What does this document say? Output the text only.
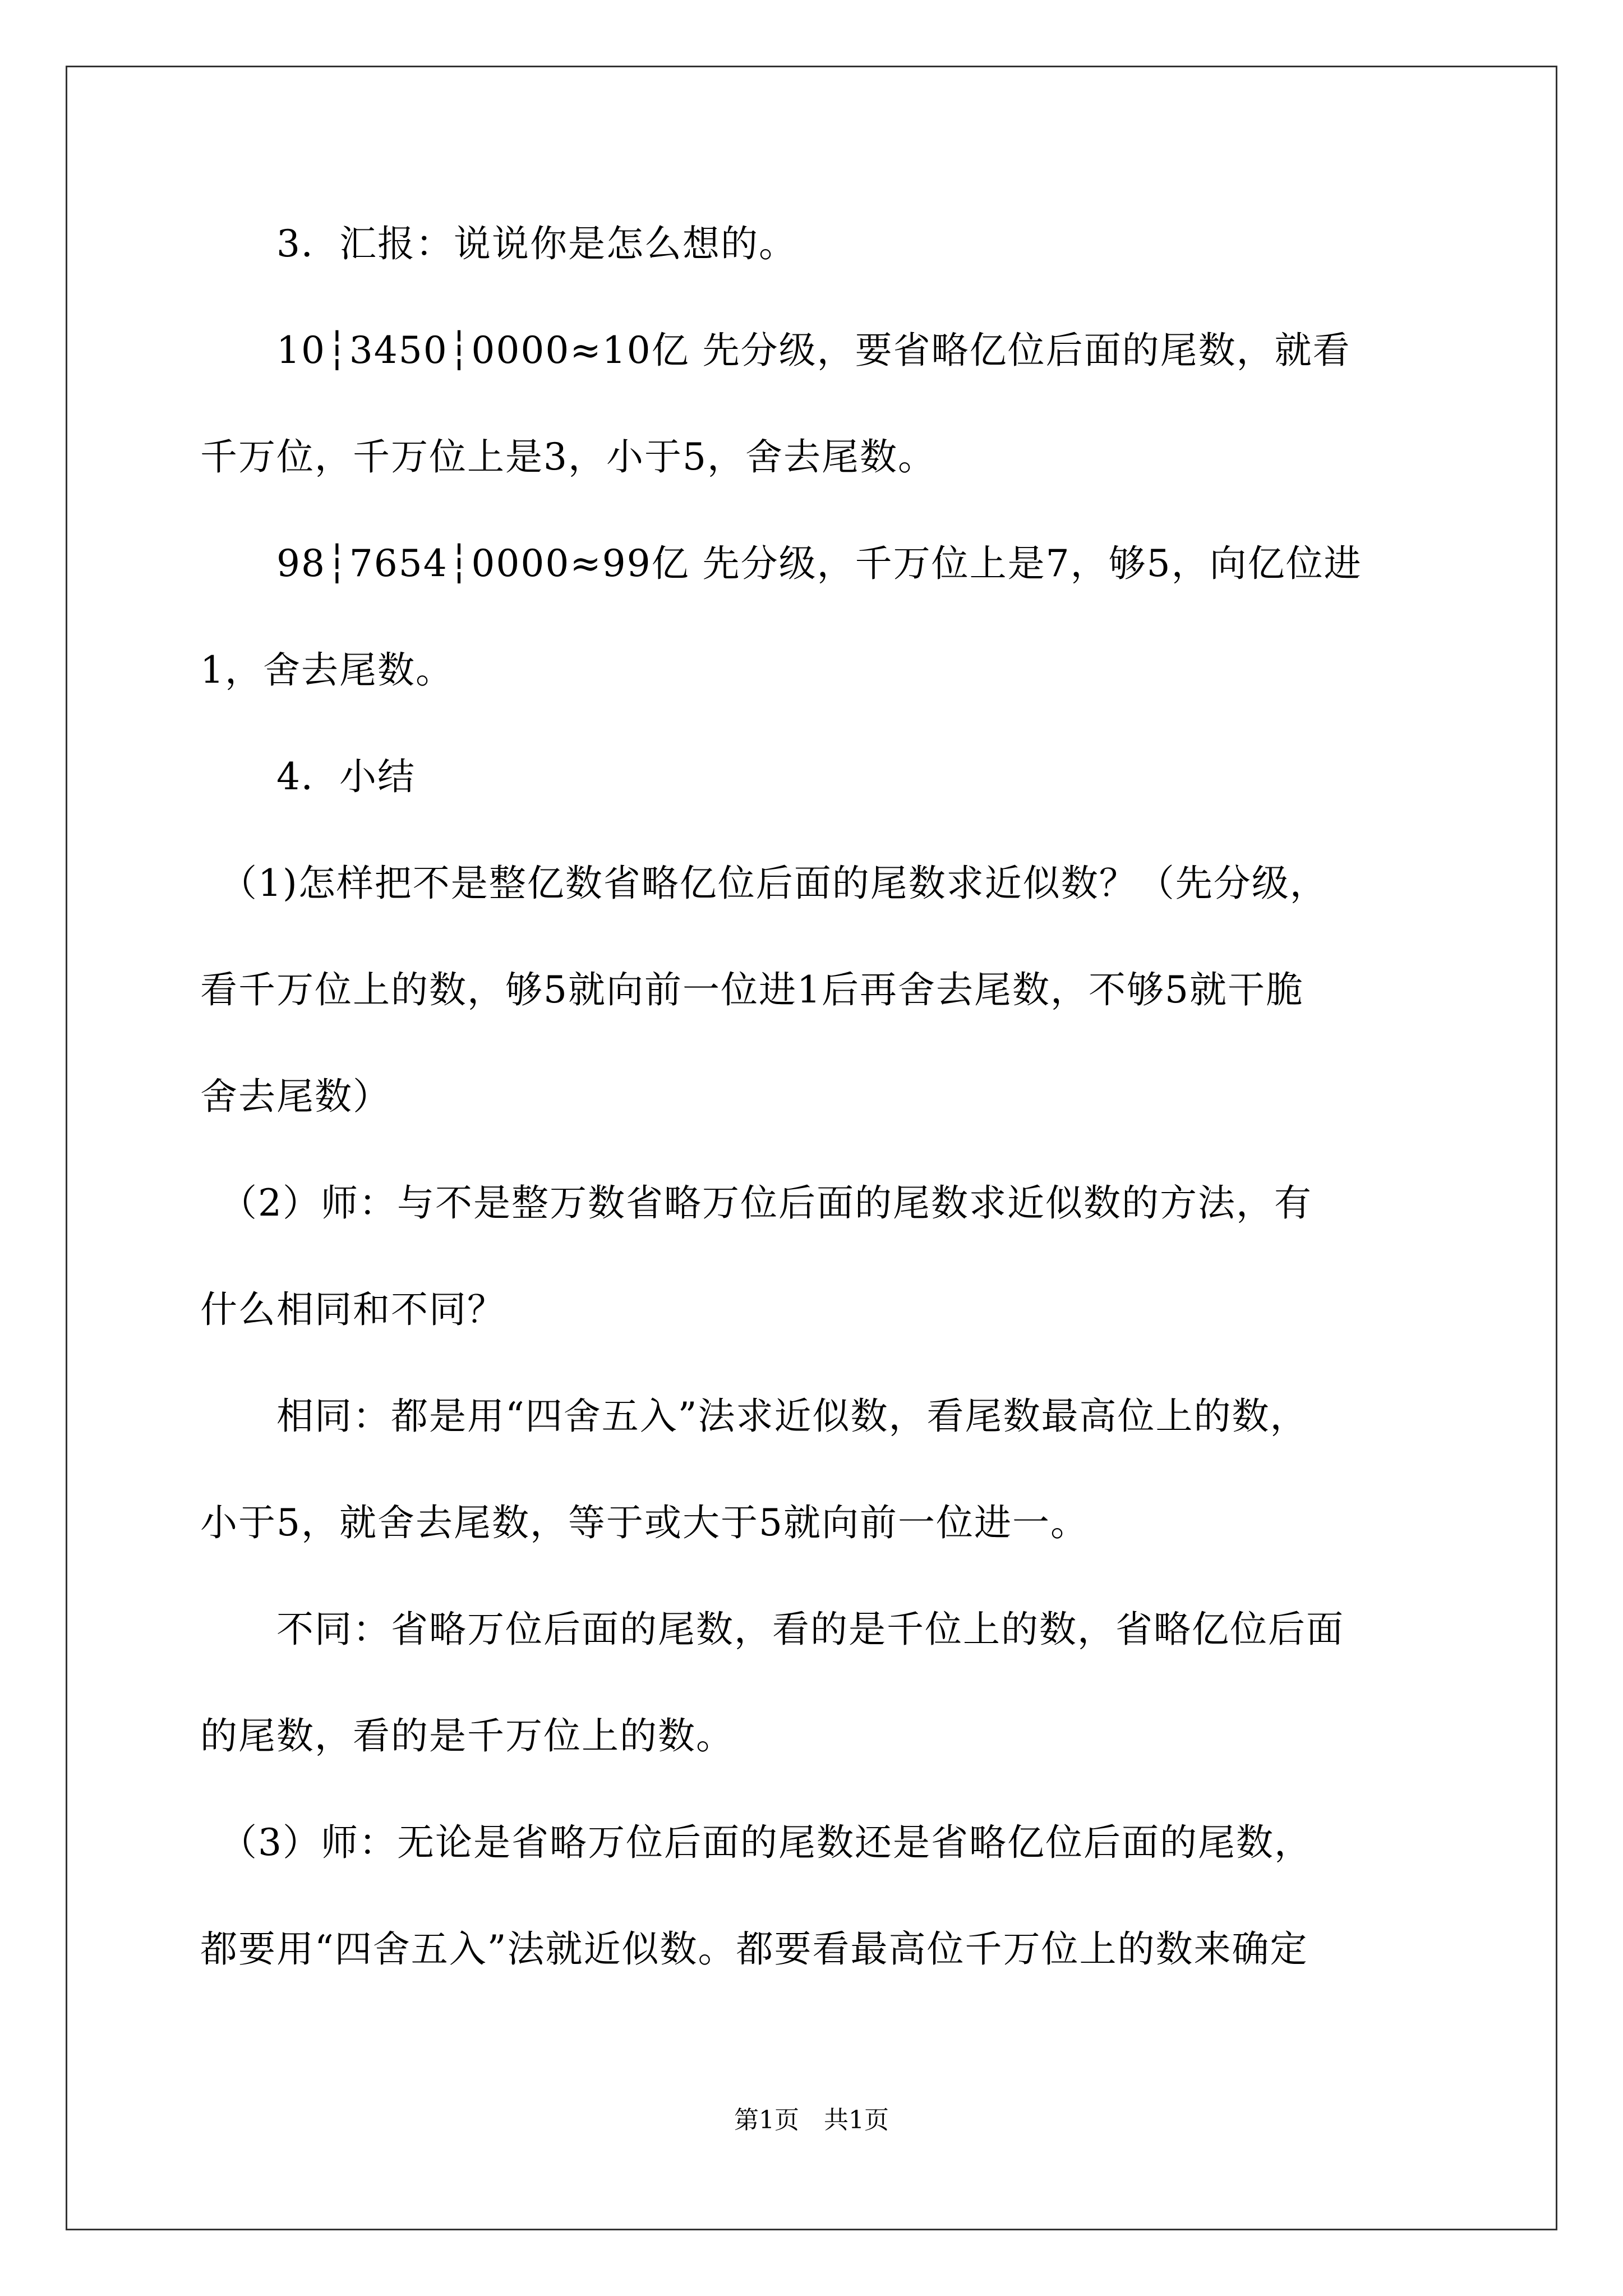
　　3．汇报：说说你是怎么想的。
　　10┆3450┆0000≈10亿 先分级，要省略亿位后面的尾数，就看
千万位，千万位上是3，小于5，舍去尾数。
　　98┆7654┆0000≈99亿 先分级，千万位上是7，够5，向亿位进
1，舍去尾数。
　　4．小结
　（1)怎样把不是整亿数省略亿位后面的尾数求近似数？（先分级，
看千万位上的数，够5就向前一位进1后再舍去尾数，不够5就干脆
舍去尾数）
　（2）师：与不是整万数省略万位后面的尾数求近似数的方法，有
什么相同和不同？
　　相同：都是用“四舍五入”法求近似数，看尾数最高位上的数，
小于5，就舍去尾数，等于或大于5就向前一位进一。
　　不同：省略万位后面的尾数，看的是千位上的数，省略亿位后面
的尾数，看的是千万位上的数。
　（3）师：无论是省略万位后面的尾数还是省略亿位后面的尾数，
都要用“四舍五入”法就近似数。都要看最高位千万位上的数来确定
第1页　共1页
